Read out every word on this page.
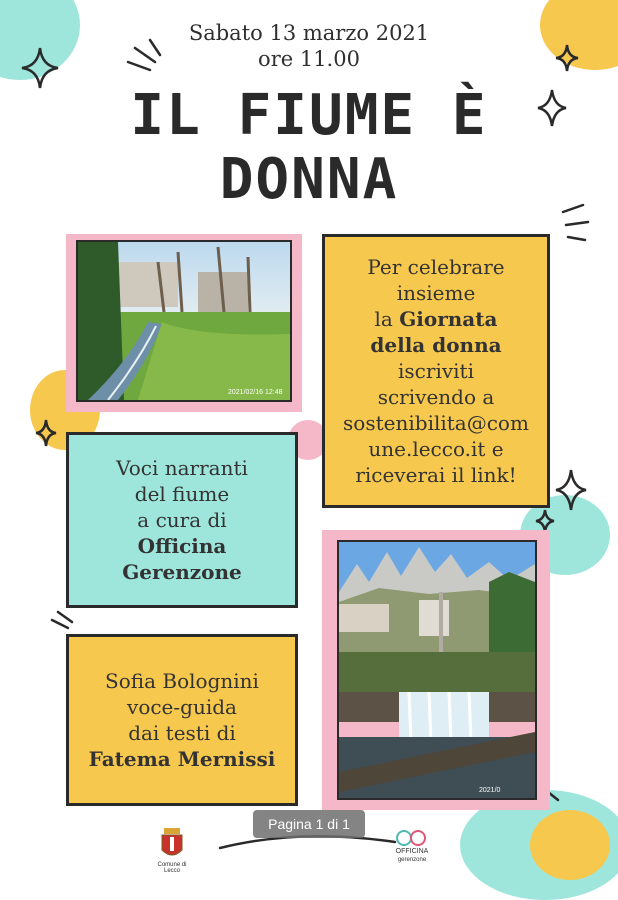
Sabato 13 marzo 2021
ore 11.00
IL FIUME È
DONNA
2021/02/16 12:48
Per celebrare
insieme
la Giornata
della donna
iscriviti
scrivendo a
sostenibilita@com
une.lecco.it e
riceverai il link!
Voci narranti
del fiume
a cura di
Officina
Gerenzone
2021/0
Sofia Bolognini
voce-guida
dai testi di
Fatema Mernissi
Comune di Lecco
OFFICINA
gerenzone
Pagina 1 di 1
